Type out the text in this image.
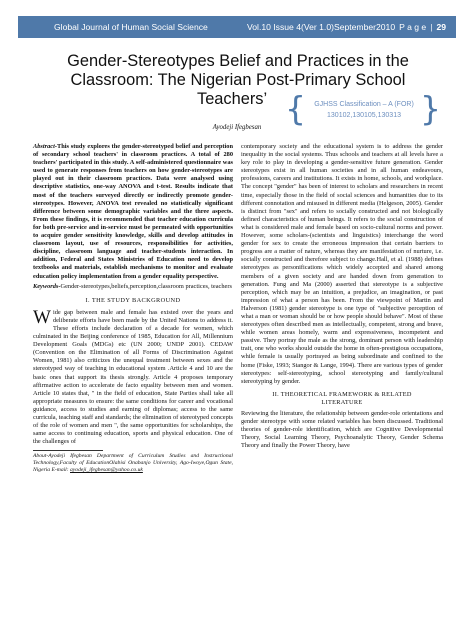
Global Journal of Human Social Science	Vol.10 Issue 4(Ver 1.0)September2010 P a g e | 29
Gender-Stereotypes Belief and Practices in the
Classroom: The Nigerian Post-Primary School
Teachers’ {	GJHSS Classification – A (FOR)
130102,130105,130313 }
Ayodeji Ifegbesan

Abstract-This study explores the gender-stereotyped belief and perception of secondary school teachers' in classroom practices. A total of 280 teachers' participated in this study. A self-administered questionnaire was used to generate responses from teachers on how gender-stereotypes are played out in their classroom practices. Data were analysed using descriptive statistics, one-way ANOVA and t-test. Results indicate that most of the teachers surveyed directly or indirectly promote gender-stereotypes. However, ANOVA test revealed no statistically significant difference between some demographic variables and the three aspects. From these findings, it is recommended that teacher education curricula for both pre-service and in-service must be permeated with opportunities to acquire gender sensitivity knowledge, skills and develop attitudes in classroom layout, use of resources, responsibilities for activities, discipline, classroom language and teacher-students interaction. In addition, Federal and States Ministries of Education need to develop textbooks and materials, establish mechanisms to monitor and evaluate education policy implementation from a gender equality perspective.

Keywords-Gender-stereotypes,beliefs,perception,classroom practices, teachers

I. THE STUDY BACKGROUND

Wide gap between male and female has existed over the years and deliberate efforts have been made by the United Nations to address it. These efforts include declaration of a decade for women, which culminated in the Beijing conference of 1985, Education for All, Millennium Development Goals (MDGs) etc (UN 2000; UNDP 2001). CEDAW (Convention on the Elimination of all Forms of Discrimination Against Women, 1981) also criticizes the unequal treatment between sexes and the stereotyped way of teaching in educational system .Article 4 and 10 are the basic ones that support its thesis strongly. Article 4 proposes temporary affirmative action to accelerate de facto equality between men and women. Article 10 states that, " in the field of education, State Parties shall take all appropriate measures to ensure: the same conditions for career and vocational guidance, access to studies and earning of diplomas; access to the same curricula, teaching staff and standards; the elimination of stereotyped concepts of the role of women and men ", the same opportunities for scholarships, the same access to continuing education, sports and physical education. One of the challenges of

About-Ayodeji Ifegbesan Department of Curriculum Studies and Instructional Technology,Faculty of EducationOlabisi Onabanjo University, Ago-Iwoye,Ogun State, Nigeria E-mail: ayodeji_ifegbesan@yahoo.co.uk

contemporary society and the educational system is to address the gender inequality in the social systems. Thus schools and teachers at all levels have a key role to play in developing a gender-sensitive future generation. Gender stereotypes exist in all human societies and in all human endeavours, professions, careers and institutions. It exists in home, schools, and workplace. The concept "gender" has been of interest to scholars and researchers in recent time, especially those in the field of social sciences and humanities due to its different connotation and misused in different media (Helgeson, 2005). Gender is distinct from "sex" and refers to socially constructed and not biologically defined characteristics of human beings. It refers to the social construction of what is considered male and female based on socio-cultural norms and power. However, some scholars-(scientists and linguistics) interchange the word gender for sex to create the erroneous impression that certain barriers to progress are a matter of nature, whereas they are manifestation of nurture, i.e. socially constructed and therefore subject to change.Hall, et al. (1988) defines stereotypes as personifications which widely accepted and shared among members of a given society and are handed down from generation to generation. Fung and Ma (2000) asserted that stereotype is a subjective perception, which may be an intuition, a prejudice, an imagination, or past impression of what a person has been. From the viewpoint of Martin and Halverson (1981) gender stereotype is one type of "subjective perception of what a man or woman should be or how people should behave". Most of these stereotypes often described men as intellectually, competent, strong and brave, while women areas homely, warm and expressiveness, incompetent and passive. They portray the male as the strong, dominant person with leadership trait, one who works should outside the home in often-prestigious occupations, while female is usually portrayed as being subordinate and confined to the home (Fiske, 1993; Stangor & Lange, 1994). There are various types of gender stereotypes: self-stereotyping, school stereotyping and family/cultural stereotyping by gender.

II. THEORETICAL FRAMEWORK & RELATED
LITERATURE

Reviewing the literature, the relationship between gender-role orientations and gender stereotype with some related variables has been discussed. Traditional theories of gender-role identification, which are Cognitive Developmental Theory, Social Learning Theory, Psychoanalytic Theory, Gender Schema Theory and finally the Power Theory, have
